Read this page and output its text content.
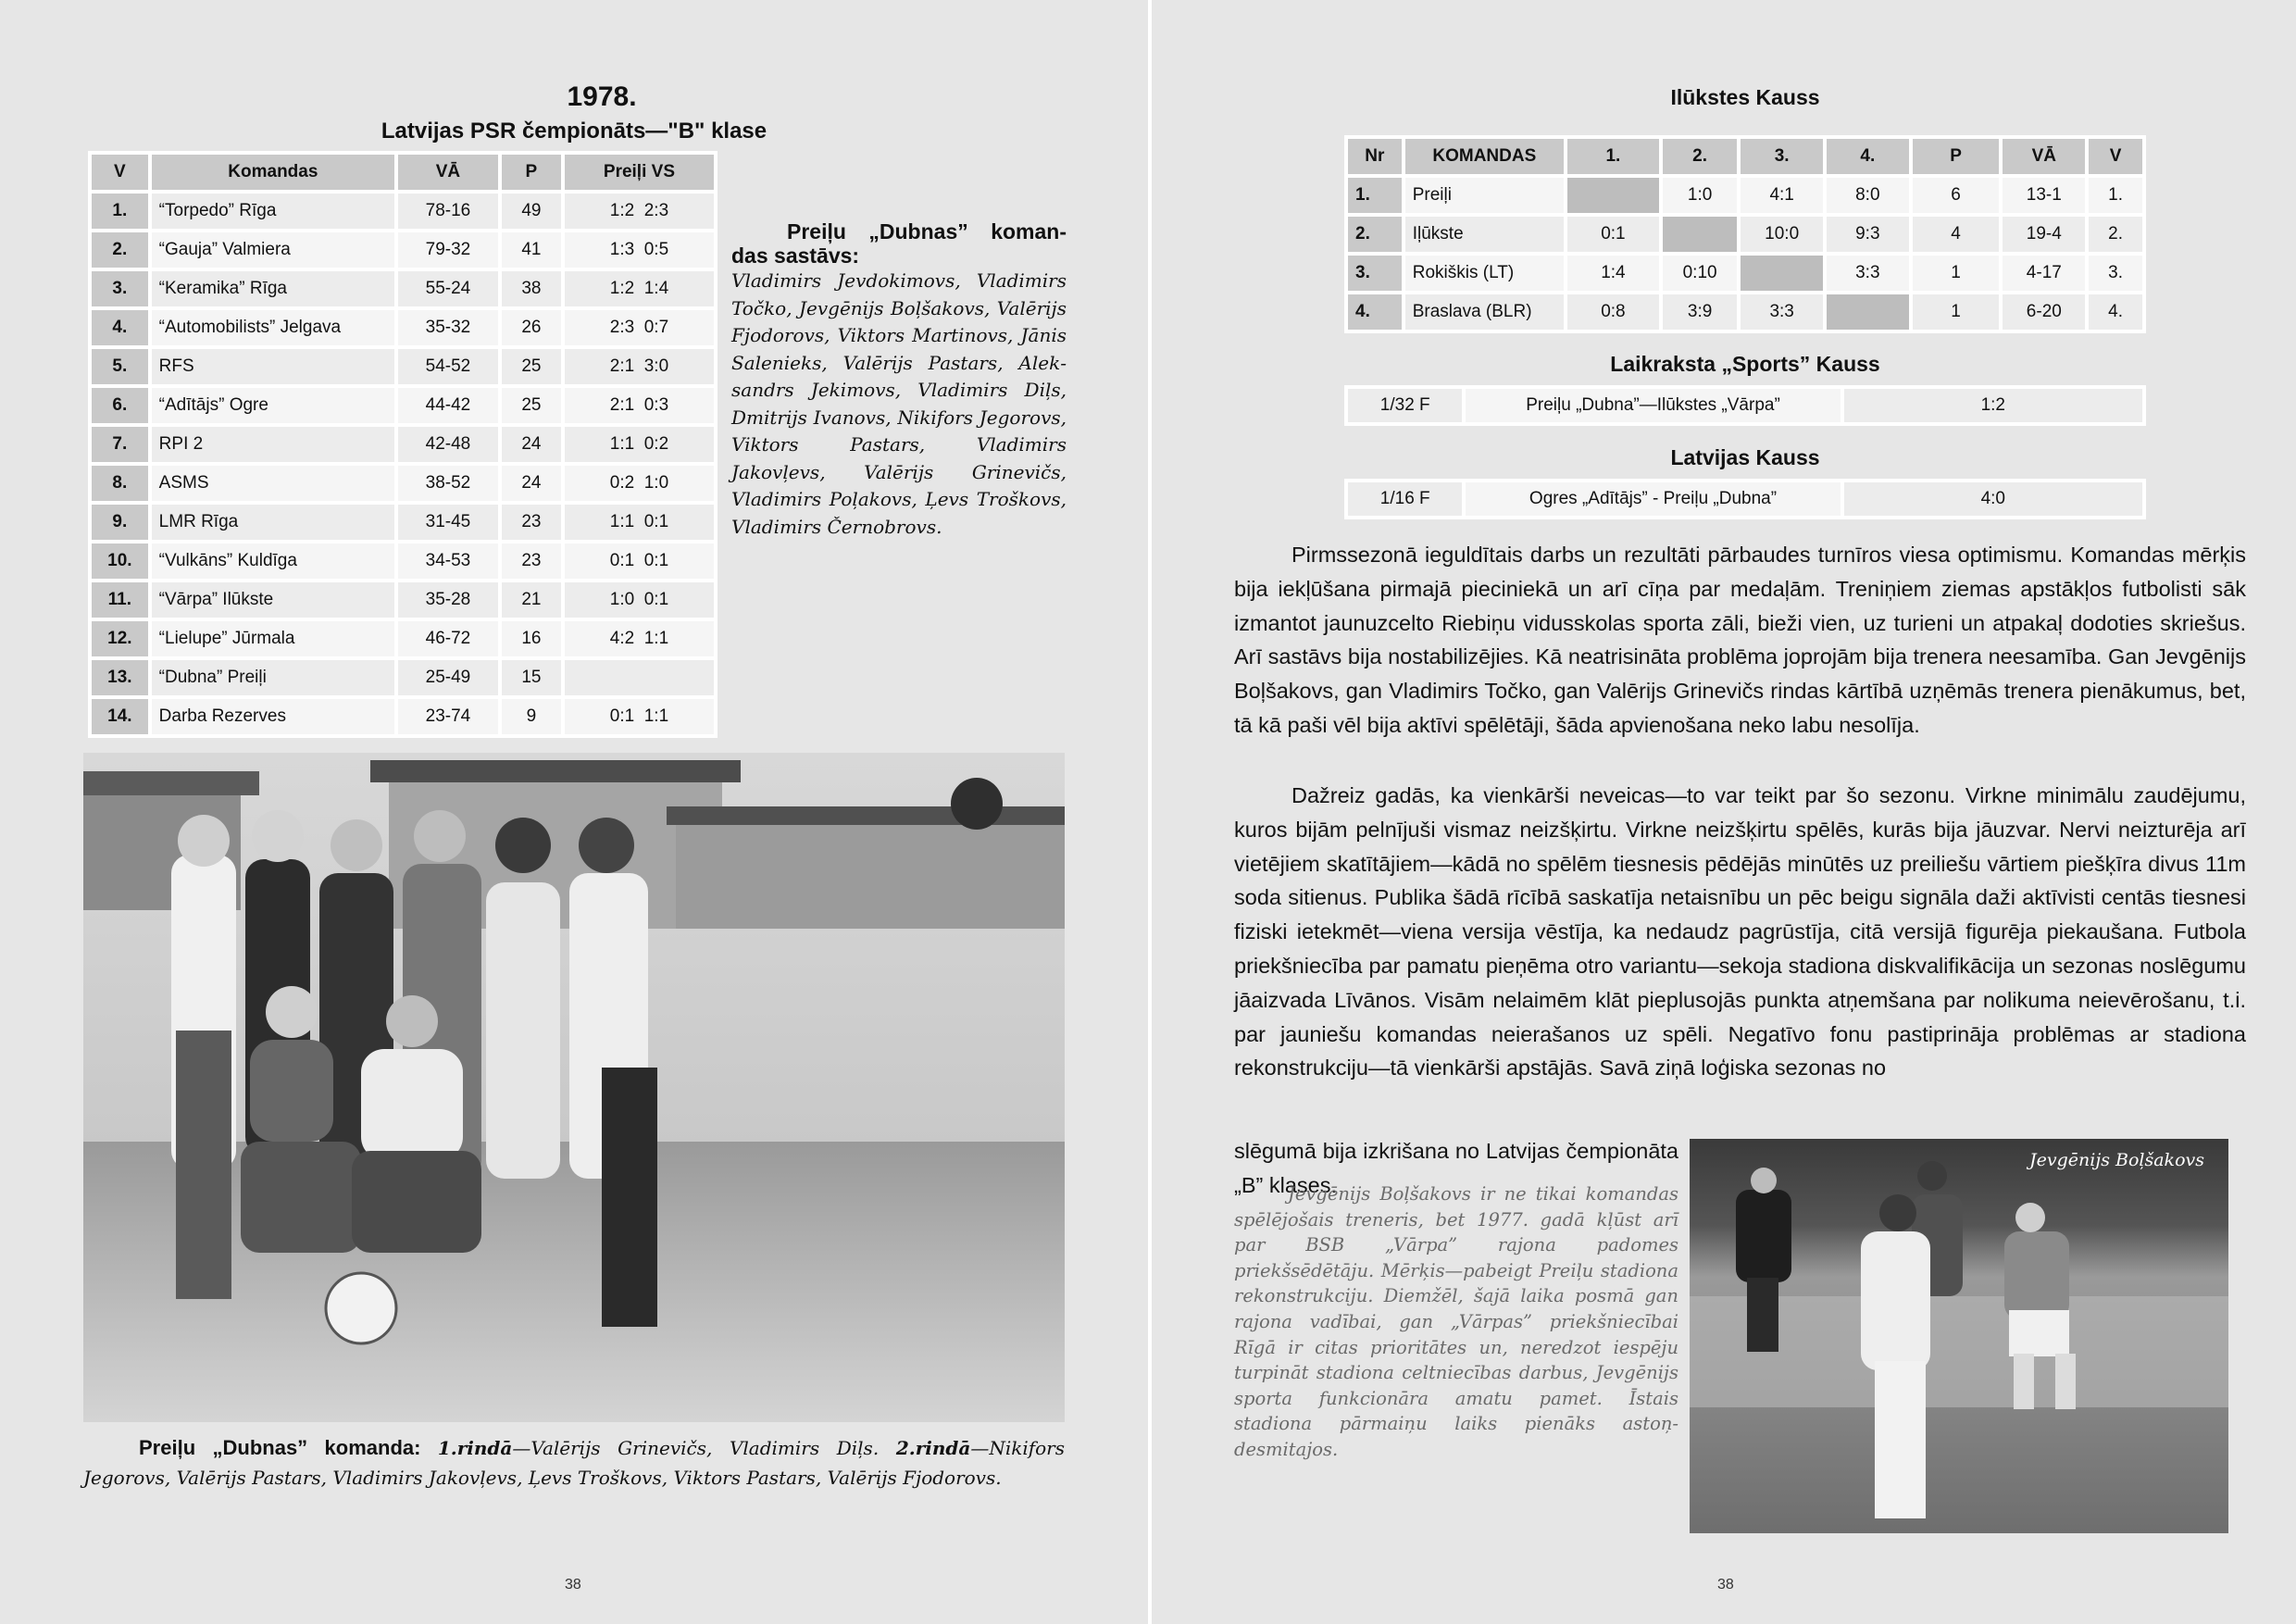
1978.
Latvijas PSR čempionāts—"B" klase
V	Komandas	VĀ	P	Preiļi VS
1.	“Torpedo” Rīga	78-16	49	1:2  2:3
2.	“Gauja” Valmiera	79-32	41	1:3  0:5
3.	“Keramika” Rīga	55-24	38	1:2  1:4
4.	“Automobilists” Jelgava	35-32	26	2:3  0:7
5.	RFS	54-52	25	2:1  3:0
6.	“Adītājs” Ogre	44-42	25	2:1  0:3
7.	RPI 2	42-48	24	1:1  0:2
8.	ASMS	38-52	24	0:2  1:0
9.	LMR Rīga	31-45	23	1:1  0:1
10.	“Vulkāns” Kuldīga	34-53	23	0:1  0:1
11.	“Vārpa” Ilūkste	35-28	21	1:0  0:1
12.	“Lielupe” Jūrmala	46-72	16	4:2  1:1
13.	“Dubna” Preiļi	25-49	15	
14.	Darba Rezerves	23-74	9	0:1  1:1
Preiļu „Dubnas” koman-das sastāvs:
Vladimirs Jevdokimovs, Vladimirs Točko, Jevgēnijs Boļšakovs, Valērijs Fjodorovs, Viktors Martinovs, Jānis Salenieks, Valērijs Pastars, Aleksandrs Jekimovs, Vladimirs Diļs, Dmitrijs Ivanovs, Nikifors Jegorovs, Viktors Pastars, Vladimirs Jakovļevs, Valērijs Grinevičs, Vladimirs Poļakovs, Ļevs Troškovs, Vladimirs Černobrovs.
Preiļu „Dubnas” komanda: 1.rindā—Valērijs Grinevičs, Vladimirs Diļs. 2.rindā—Nikifors Jegorovs, Valērijs Pastars, Vladimirs Jakovļevs, Ļevs Troškovs, Viktors Pastars, Valērijs Fjodorovs.
38
Ilūkstes Kauss
Nr	KOMANDAS	1.	2.	3.	4.	P	VĀ	V
1.	Preiļi		1:0	4:1	8:0	6	13-1	1.
2.	Iļūkste	0:1		10:0	9:3	4	19-4	2.
3.	Rokiškis (LT)	1:4	0:10		3:3	1	4-17	3.
4.	Braslava (BLR)	0:8	3:9	3:3		1	6-20	4.
Laikraksta „Sports” Kauss
1/32 F	Preiļu „Dubna”—Ilūkstes „Vārpa”	1:2
Latvijas Kauss
1/16 F	Ogres „Adītājs” - Preiļu „Dubna”	4:0

Pirmssezonā ieguldītais darbs un rezultāti pārbaudes turnīros viesa optimismu. Komandas mērķis bija iekļūšana pirmajā pieciniekā un arī cīņa par medaļām. Treniņiem ziemas apstākļos futbolisti sāk izmantot jaunuzcelto Riebiņu vidusskolas sporta zāli, bieži vien, uz turieni un atpakaļ dodoties skriešus. Arī sastāvs bija nostabilizējies. Kā neatrisināta problēma joprojām bija trenera neesamība. Gan Jevgēnijs Boļšakovs, gan Vladimirs Točko, gan Valērijs Grinevičs rindas kārtībā uzņēmās trenera pienākumus, bet, tā kā paši vēl bija aktīvi spēlētāji, šāda apvienošana neko labu nesolīja.

Dažreiz gadās, ka vienkārši neveicas—to var teikt par šo sezonu. Virkne minimālu zaudējumu, kuros bijām pelnījuši vismaz neizšķirtu. Virkne neizšķirtu spēlēs, kurās bija jāuzvar. Nervi neizturēja arī vietējiem skatītājiem—kādā no spēlēm tiesnesis pēdējās minūtēs uz preiliešu vārtiem piešķīra divus 11m soda sitienus. Publika šādā rīcībā saskatīja netaisnību un pēc beigu signāla daži aktīvisti centās tiesnesi fiziski ietekmēt—viena versija vēstīja, ka nedaudz pagrūstīja, citā versijā figurēja piekaušana. Futbola priekšniecība par pamatu pieņēma otro variantu—sekoja stadiona diskvalifikācija un sezonas noslēgumu jāaizvada Līvānos. Visām nelaimēm klāt pieplusojās punkta atņemšana par nolikuma neievērošanu, t.i. par jauniešu komandas neierašanos uz spēli. Negatīvo fonu pastiprināja problēmas ar stadiona rekonstrukciju—tā vienkārši apstājās. Savā ziņā loģiska sezonas no

slēgumā bija izkrišana no Latvijas čempionāta „B” klases.

Jevgēnijs Boļšakovs ir ne tikai komandas spēlējošais treneris, bet 1977. gadā kļūst arī par BSB „Vārpa” rajona padomes priekšsēdētāju. Mērķis—pabeigt Preiļu stadiona rekonstrukciju. Diemžēl, šajā laika posmā gan rajona vadībai, gan „Vārpas” priekšniecībai Rīgā ir citas prioritātes un, neredzot iespēju turpināt stadiona celtniecības darbus, Jevgēnijs sporta funkcionāra amatu pamet. Īstais stadiona pārmaiņu laiks pienāks astoņdesmitajos.

Jevgēnijs Boļšakovs
38
